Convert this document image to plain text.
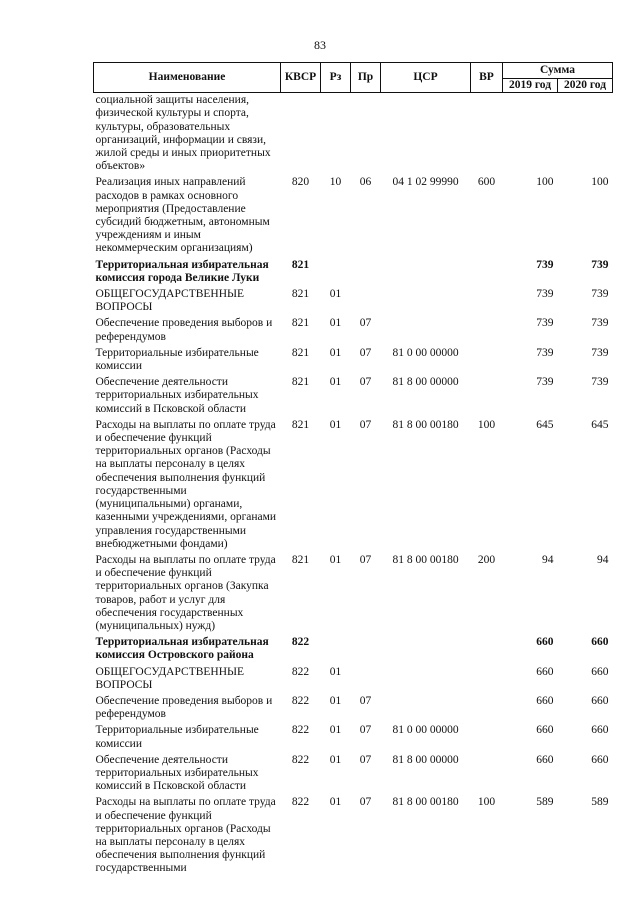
83
Наименование	КВСР	Рз	Пр	ЦСР	ВР	Сумма	
						2019 год	2020 год
социальной защиты населения, физической культуры и спорта, культуры, образовательных организаций, информации и связи, жилой среды и иных приоритетных объектов»							
Реализация иных направлений расходов в рамках основного мероприятия (Предоставление субсидий бюджетным, автономным учреждениям и иным некоммерческим организациям)	820	10	06	04 1 02 99990	600	100	100
Территориальная избирательная комиссия города Великие Луки	821					739	739
ОБЩЕГОСУДАРСТВЕННЫЕ ВОПРОСЫ	821	01				739	739
Обеспечение проведения выборов и референдумов	821	01	07			739	739
Территориальные избирательные комиссии	821	01	07	81 0 00 00000		739	739
Обеспечение деятельности территориальных избирательных комиссий в Псковской области	821	01	07	81 8 00 00000		739	739
Расходы на выплаты по оплате труда и обеспечение функций территориальных органов (Расходы на выплаты персоналу в целях обеспечения выполнения функций государственными (муниципальными) органами, казенными учреждениями, органами управления государственными внебюджетными фондами)	821	01	07	81 8 00 00180	100	645	645
Расходы на выплаты по оплате труда и обеспечение функций территориальных органов (Закупка товаров, работ и услуг для обеспечения государственных (муниципальных) нужд)	821	01	07	81 8 00 00180	200	94	94
Территориальная избирательная комиссия Островского района	822					660	660
ОБЩЕГОСУДАРСТВЕННЫЕ ВОПРОСЫ	822	01				660	660
Обеспечение проведения выборов и референдумов	822	01	07			660	660
Территориальные избирательные комиссии	822	01	07	81 0 00 00000		660	660
Обеспечение деятельности территориальных избирательных комиссий в Псковской области	822	01	07	81 8 00 00000		660	660
Расходы на выплаты по оплате труда и обеспечение функций территориальных органов (Расходы на выплаты персоналу в целях обеспечения выполнения функций государственными	822	01	07	81 8 00 00180	100	589	589
